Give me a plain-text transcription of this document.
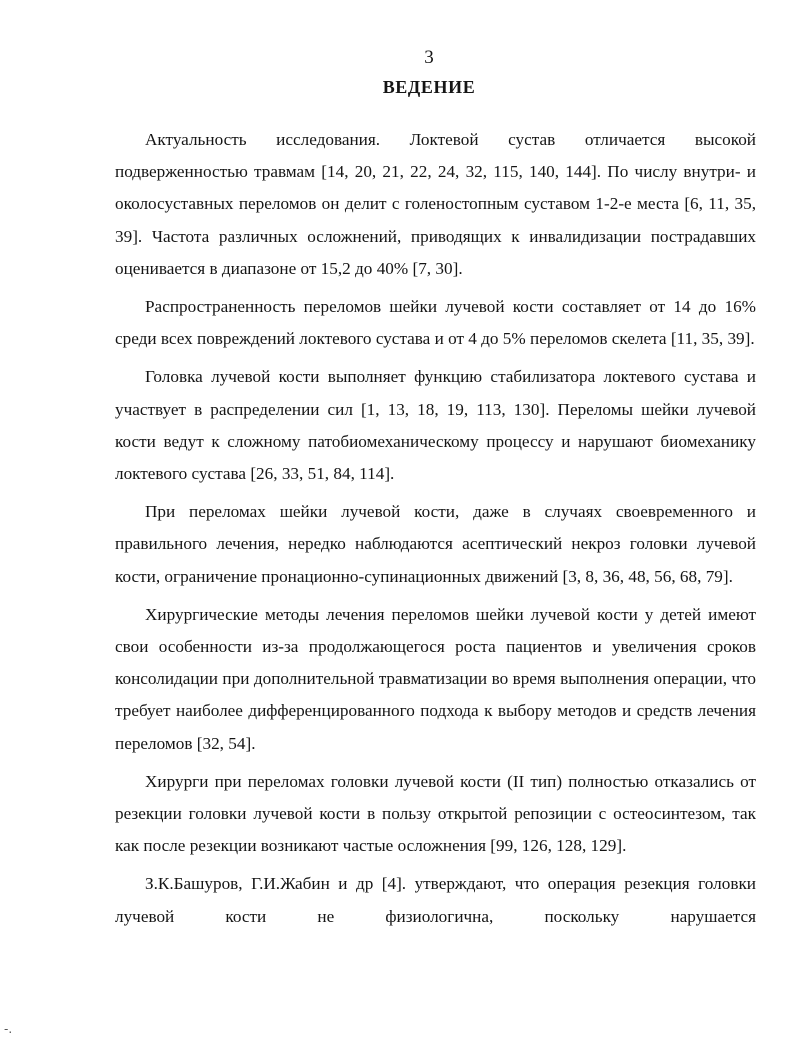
3
ВЕДЕНИЕ

Актуальность исследования. Локтевой сустав отличается высокой подверженностью травмам [14, 20, 21, 22, 24, 32, 115, 140, 144]. По числу внутри- и околосуставных переломов он делит с голеностопным суставом 1-2-е места [6, 11, 35, 39]. Частота различных осложнений, приводящих к инвалидизации пострадавших оценивается в диапазоне от 15,2 до 40% [7, 30].

Распространенность переломов шейки лучевой кости составляет от 14 до 16% среди всех повреждений локтевого сустава и от 4 до 5% переломов скелета [11, 35, 39].

Головка лучевой кости выполняет функцию стабилизатора локтевого сустава и участвует в распределении сил [1, 13, 18, 19, 113, 130]. Переломы шейки лучевой кости ведут к сложному патобиомеханическому процессу и нарушают биомеханику локтевого сустава [26, 33, 51, 84, 114].

При переломах шейки лучевой кости, даже в случаях своевременного и правильного лечения, нередко наблюдаются асептический некроз головки лучевой кости, ограничение пронационно-супинационных движений [3, 8, 36, 48, 56, 68, 79].

Хирургические методы лечения переломов шейки лучевой кости у детей имеют свои особенности из-за продолжающегося роста пациентов и увеличения сроков консолидации при дополнительной травматизации во время выполнения операции, что требует наиболее дифференцированного подхода к выбору методов и средств лечения переломов [32, 54].

Хирурги при переломах головки лучевой кости (II тип) полностью отказались от резекции головки лучевой кости в пользу открытой репозиции с остеосинтезом, так как после резекции возникают частые осложнения [99, 126, 128, 129].

З.К.Башуров, Г.И.Жабин и др [4]. утверждают, что операция резекция головки лучевой кости не физиологична, поскольку нарушается

-.
